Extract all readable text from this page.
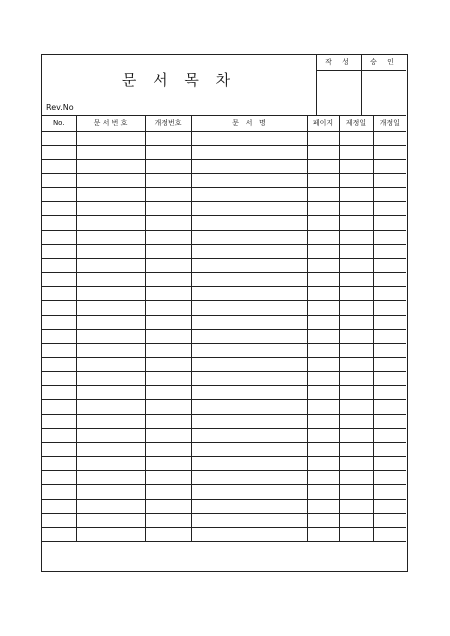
문 서 목 차
Rev.No
작 성	승 인
No.	문 서 번 호	개정번호	문   서   명	페이지	제정일	개정일
